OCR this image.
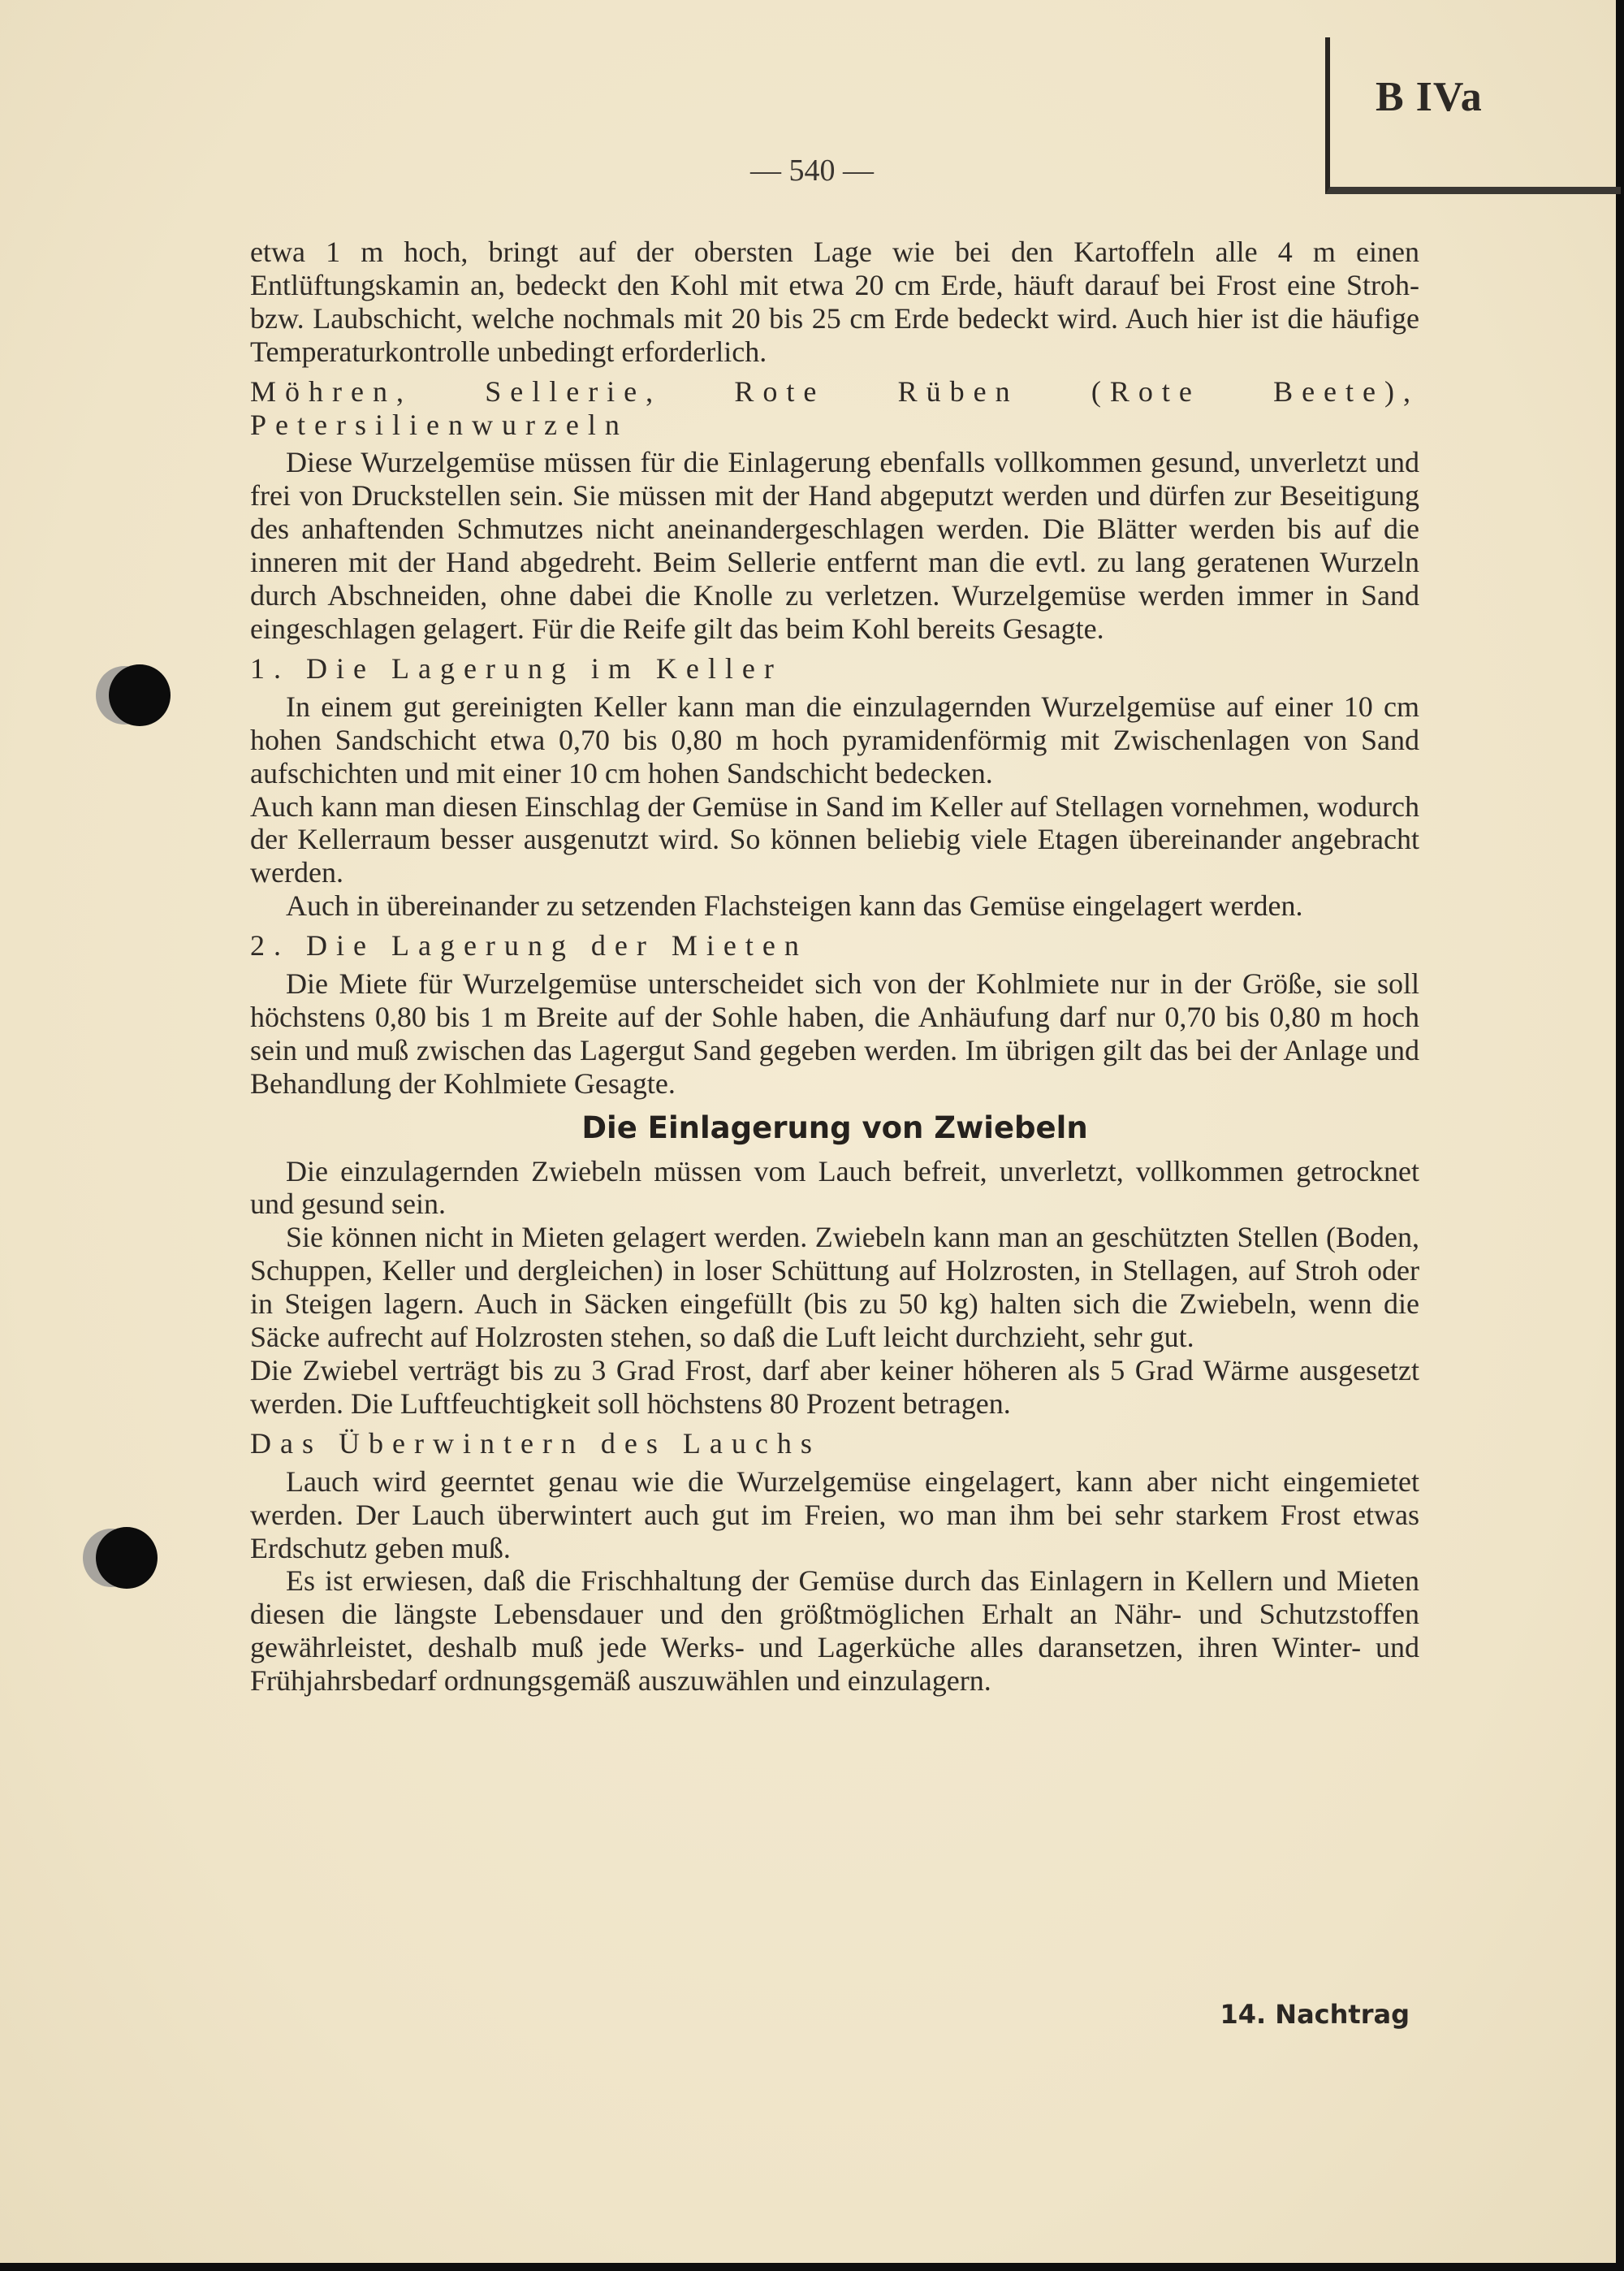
B IVa
— 540 —

etwa 1 m hoch, bringt auf der obersten Lage wie bei den Kartoffeln alle 4 m einen Entlüftungskamin an, bedeckt den Kohl mit etwa 20 cm Erde, häuft darauf bei Frost eine Stroh- bzw. Laubschicht, welche nochmals mit 20 bis 25 cm Erde bedeckt wird. Auch hier ist die häufige Temperaturkontrolle unbedingt erforderlich.

Möhren, Sellerie, Rote Rüben (Rote Beete), Petersilienwurzeln

Diese Wurzelgemüse müssen für die Einlagerung ebenfalls vollkommen gesund, unverletzt und frei von Druckstellen sein. Sie müssen mit der Hand abgeputzt werden und dürfen zur Beseitigung des anhaftenden Schmutzes nicht aneinandergeschlagen werden. Die Blätter werden bis auf die inneren mit der Hand abgedreht. Beim Sellerie entfernt man die evtl. zu lang geratenen Wurzeln durch Abschneiden, ohne dabei die Knolle zu verletzen. Wurzelgemüse werden immer in Sand eingeschlagen gelagert. Für die Reife gilt das beim Kohl bereits Gesagte.

1. Die Lagerung im Keller

In einem gut gereinigten Keller kann man die einzulagernden Wurzelgemüse auf einer 10 cm hohen Sandschicht etwa 0,70 bis 0,80 m hoch pyramidenförmig mit Zwischenlagen von Sand aufschichten und mit einer 10 cm hohen Sandschicht bedecken.

Auch kann man diesen Einschlag der Gemüse in Sand im Keller auf Stellagen vornehmen, wodurch der Kellerraum besser ausgenutzt wird. So können beliebig viele Etagen übereinander angebracht werden.

Auch in übereinander zu setzenden Flachsteigen kann das Gemüse eingelagert werden.

2. Die Lagerung der Mieten

Die Miete für Wurzelgemüse unterscheidet sich von der Kohlmiete nur in der Größe, sie soll höchstens 0,80 bis 1 m Breite auf der Sohle haben, die Anhäufung darf nur 0,70 bis 0,80 m hoch sein und muß zwischen das Lagergut Sand gegeben werden. Im übrigen gilt das bei der Anlage und Behandlung der Kohlmiete Gesagte.

Die Einlagerung von Zwiebeln

Die einzulagernden Zwiebeln müssen vom Lauch befreit, unverletzt, vollkommen getrocknet und gesund sein.

Sie können nicht in Mieten gelagert werden. Zwiebeln kann man an geschützten Stellen (Boden, Schuppen, Keller und dergleichen) in loser Schüttung auf Holzrosten, in Stellagen, auf Stroh oder in Steigen lagern. Auch in Säcken eingefüllt (bis zu 50 kg) halten sich die Zwiebeln, wenn die Säcke aufrecht auf Holzrosten stehen, so daß die Luft leicht durchzieht, sehr gut.

Die Zwiebel verträgt bis zu 3 Grad Frost, darf aber keiner höheren als 5 Grad Wärme ausgesetzt werden. Die Luftfeuchtigkeit soll höchstens 80 Prozent betragen.

Das Überwintern des Lauchs

Lauch wird geerntet genau wie die Wurzelgemüse eingelagert, kann aber nicht eingemietet werden. Der Lauch überwintert auch gut im Freien, wo man ihm bei sehr starkem Frost etwas Erdschutz geben muß.

Es ist erwiesen, daß die Frischhaltung der Gemüse durch das Einlagern in Kellern und Mieten diesen die längste Lebensdauer und den größtmöglichen Erhalt an Nähr- und Schutzstoffen gewährleistet, deshalb muß jede Werks- und Lagerküche alles daransetzen, ihren Winter- und Frühjahrsbedarf ordnungsgemäß auszuwählen und einzulagern.

14. Nachtrag
